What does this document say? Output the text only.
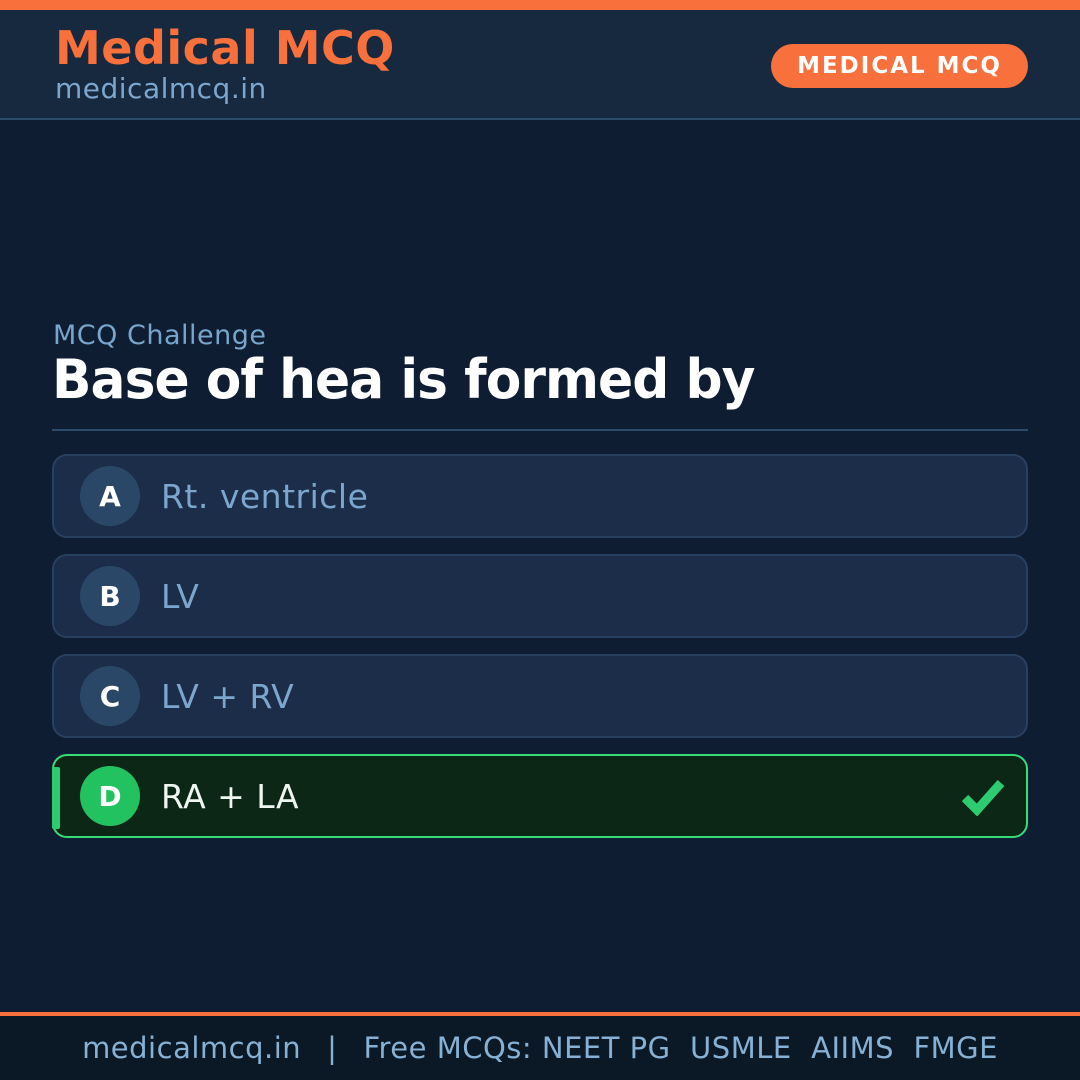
Medical MCQ
medicalmcq.in
MEDICAL MCQ
MCQ Challenge
Base of hea is formed by
A	Rt. ventricle
B	LV
C	LV + RV
D	RA + LA
medicalmcq.in | Free MCQs: NEET PG  USMLE  AIIMS  FMGE
